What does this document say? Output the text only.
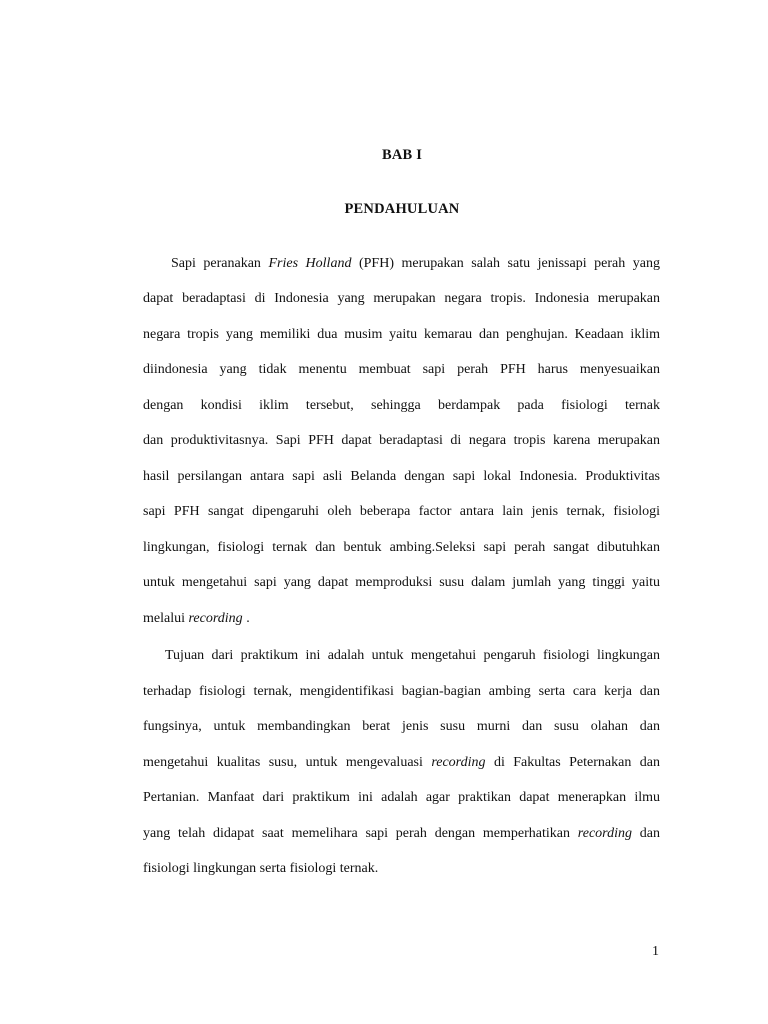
BAB I
PENDAHULUAN
Sapi peranakan Fries Holland (PFH) merupakan salah satu jenissapi perah yang
dapat beradaptasi di Indonesia yang merupakan negara tropis. Indonesia merupakan
negara tropis yang memiliki dua musim yaitu kemarau dan penghujan. Keadaan iklim
diindonesia yang tidak menentu membuat sapi perah PFH harus menyesuaikan
dengan kondisi iklim tersebut, sehingga berdampak pada fisiologi ternak
dan produktivitasnya. Sapi PFH dapat beradaptasi di negara tropis karena merupakan
hasil persilangan antara sapi asli Belanda dengan sapi lokal Indonesia. Produktivitas
sapi PFH sangat dipengaruhi oleh beberapa factor antara lain jenis ternak, fisiologi
lingkungan, fisiologi ternak dan bentuk ambing.Seleksi sapi perah sangat dibutuhkan
untuk mengetahui sapi yang dapat memproduksi susu dalam jumlah yang tinggi yaitu
melalui recording .
Tujuan dari praktikum ini adalah untuk mengetahui pengaruh fisiologi lingkungan
terhadap fisiologi ternak, mengidentifikasi bagian-bagian ambing serta cara kerja dan
fungsinya, untuk membandingkan berat jenis susu murni dan susu olahan dan
mengetahui kualitas susu, untuk mengevaluasi recording di Fakultas Peternakan dan
Pertanian. Manfaat dari praktikum ini adalah agar praktikan dapat menerapkan ilmu
yang telah didapat saat memelihara sapi perah dengan memperhatikan recording dan
fisiologi lingkungan serta fisiologi ternak.
1
